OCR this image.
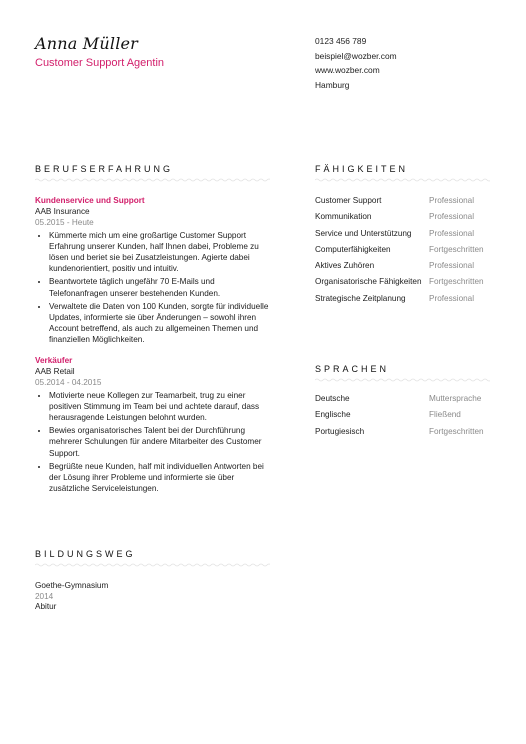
Anna Müller
Customer Support Agentin
0123 456 789
beispiel@wozber.com
www.wozber.com
Hamburg
BERUFSERFAHRUNG
Kundenservice und Support
AAB Insurance
05.2015 - Heute
• Kümmerte mich um eine großartige Customer Support Erfahrung unserer Kunden, half Ihnen dabei, Probleme zu lösen und beriet sie bei Zusatzleistungen. Agierte dabei kundenorientiert, positiv und intuitiv.
• Beantwortete täglich ungefähr 70 E-Mails und Telefonanfragen unserer bestehenden Kunden.
• Verwaltete die Daten von 100 Kunden, sorgte für individuelle Updates, informierte sie über Änderungen – sowohl ihren Account betreffend, als auch zu allgemeinen Themen und finanziellen Möglichkeiten.
Verkäufer
AAB Retail
05.2014 - 04.2015
• Motivierte neue Kollegen zur Teamarbeit, trug zu einer positiven Stimmung im Team bei und achtete darauf, dass herausragende Leistungen belohnt wurden.
• Bewies organisatorisches Talent bei der Durchführung mehrerer Schulungen für andere Mitarbeiter des Customer Support.
• Begrüßte neue Kunden, half mit individuellen Antworten bei der Lösung ihrer Probleme und informierte sie über zusätzliche Serviceleistungen.
FÄHIGKEITEN
Customer Support	Professional
Kommunikation	Professional
Service und Unterstützung	Professional
Computerfähigkeiten	Fortgeschritten
Aktives Zuhören	Professional
Organisatorische Fähigkeiten Fortgeschritten
Strategische Zeitplanung	Professional
SPRACHEN
Deutsche	Muttersprache
Englische	Fließend
Portugiesisch	Fortgeschritten
BILDUNGSWEG
Goethe-Gymnasium
2014
Abitur
